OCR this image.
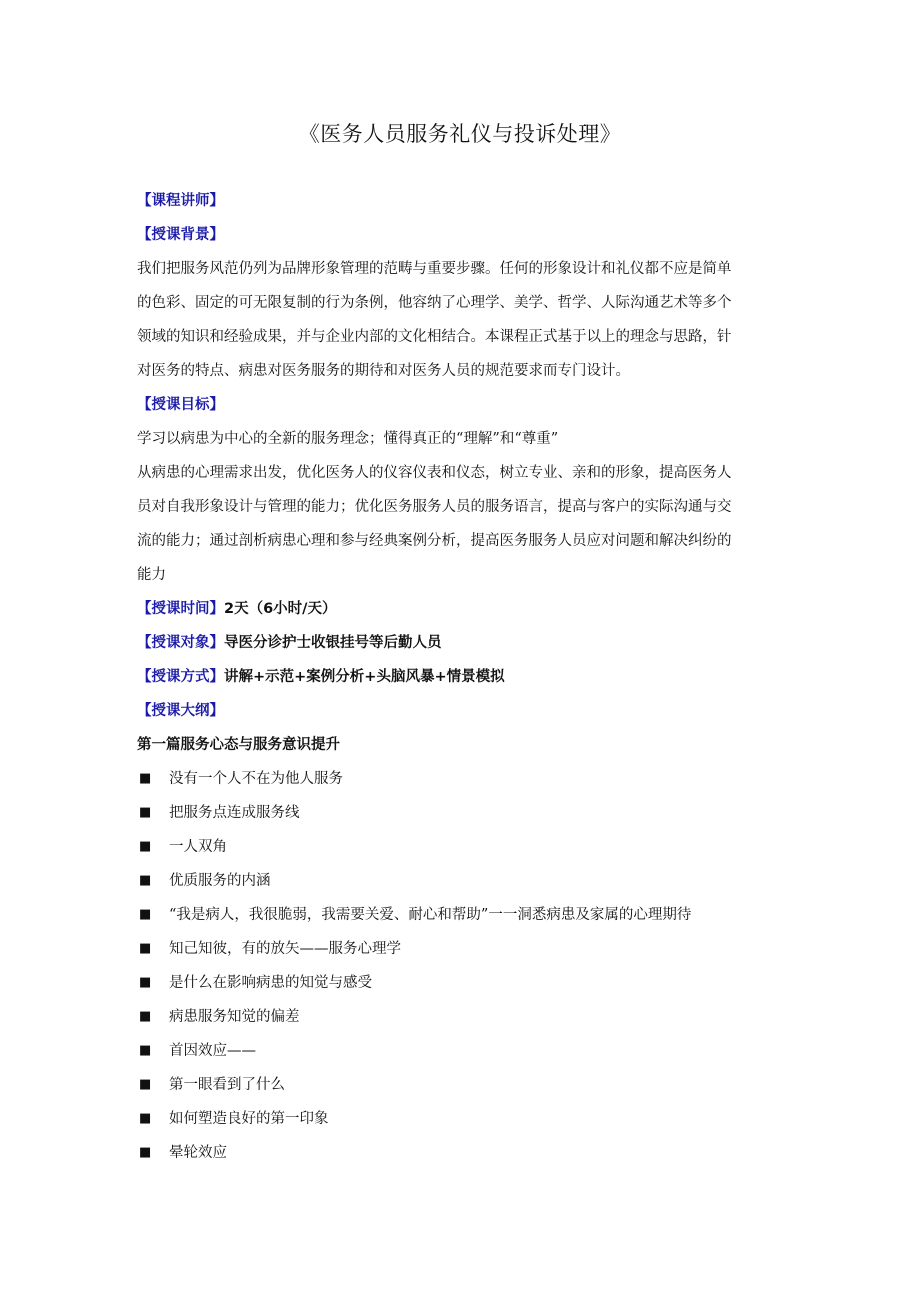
《医务人员服务礼仪与投诉处理》
【课程讲师】
【授课背景】
我们把服务风范仍列为品牌形象管理的范畴与重要步骤。任何的形象设计和礼仪都不应是简单
的色彩、固定的可无限复制的行为条例，他容纳了心理学、美学、哲学、人际沟通艺术等多个
领域的知识和经验成果，并与企业内部的文化相结合。本课程正式基于以上的理念与思路，针
对医务的特点、病患对医务服务的期待和对医务人员的规范要求而专门设计。
【授课目标】
学习以病患为中心的全新的服务理念；懂得真正的“理解”和“尊重”
从病患的心理需求出发，优化医务人的仪容仪表和仪态，树立专业、亲和的形象，提高医务人
员对自我形象设计与管理的能力；优化医务服务人员的服务语言，提高与客户的实际沟通与交
流的能力；通过剖析病患心理和参与经典案例分析，提高医务服务人员应对问题和解决纠纷的
能力
【授课时间】2天（6小时/天）
【授课对象】导医分诊护士收银挂号等后勤人员
【授课方式】讲解+示范+案例分析+头脑风暴+情景模拟
【授课大纲】
第一篇服务心态与服务意识提升
■ 没有一个人不在为他人服务
■ 把服务点连成服务线
■ 一人双角
■ 优质服务的内涵
■ “我是病人，我很脆弱，我需要关爱、耐心和帮助”一一洞悉病患及家属的心理期待
■ 知己知彼，有的放矢——服务心理学
■ 是什么在影响病患的知觉与感受
■ 病患服务知觉的偏差
■ 首因效应——
■ 第一眼看到了什么
■ 如何塑造良好的第一印象
■ 晕轮效应
